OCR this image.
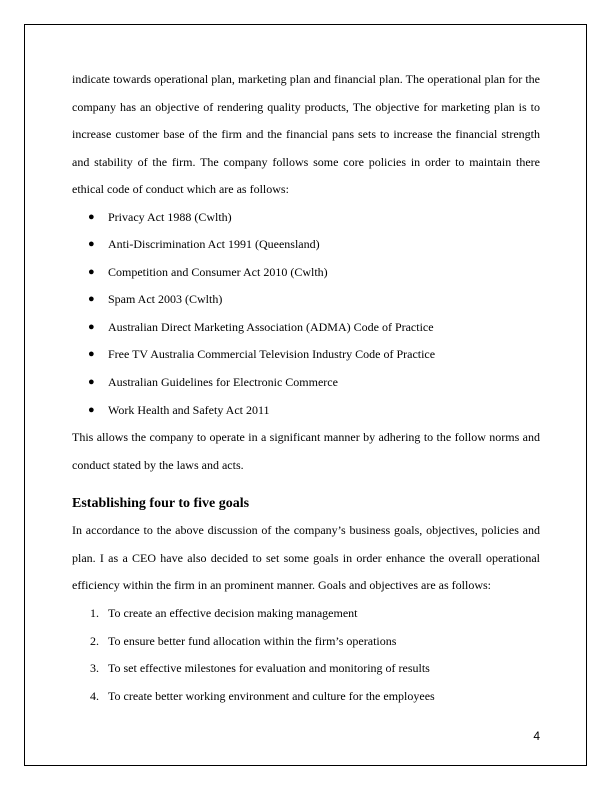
indicate towards operational plan, marketing plan and financial plan. The operational plan for the company has an objective of rendering quality products, The objective for marketing plan is to increase customer base of the firm and the financial pans sets to increase the financial strength and stability of the firm. The company follows some core policies in order to maintain there ethical code of conduct which are as follows:

● Privacy Act 1988 (Cwlth)
● Anti-Discrimination Act 1991 (Queensland)
● Competition and Consumer Act 2010 (Cwlth)
● Spam Act 2003 (Cwlth)
● Australian Direct Marketing Association (ADMA) Code of Practice
● Free TV Australia Commercial Television Industry Code of Practice
● Australian Guidelines for Electronic Commerce
● Work Health and Safety Act 2011

This allows the company to operate in a significant manner by adhering to the follow norms and conduct stated by the laws and acts.

Establishing four to five goals

In accordance to the above discussion of the company’s business goals, objectives, policies and plan. I as a CEO have also decided to set some goals in order enhance the overall operational efficiency within the firm in an prominent manner. Goals and objectives are as follows:

1. To create an effective decision making management
2. To ensure better fund allocation within the firm’s operations
3. To set effective milestones for evaluation and monitoring of results
4. To create better working environment and culture for the employees
4
